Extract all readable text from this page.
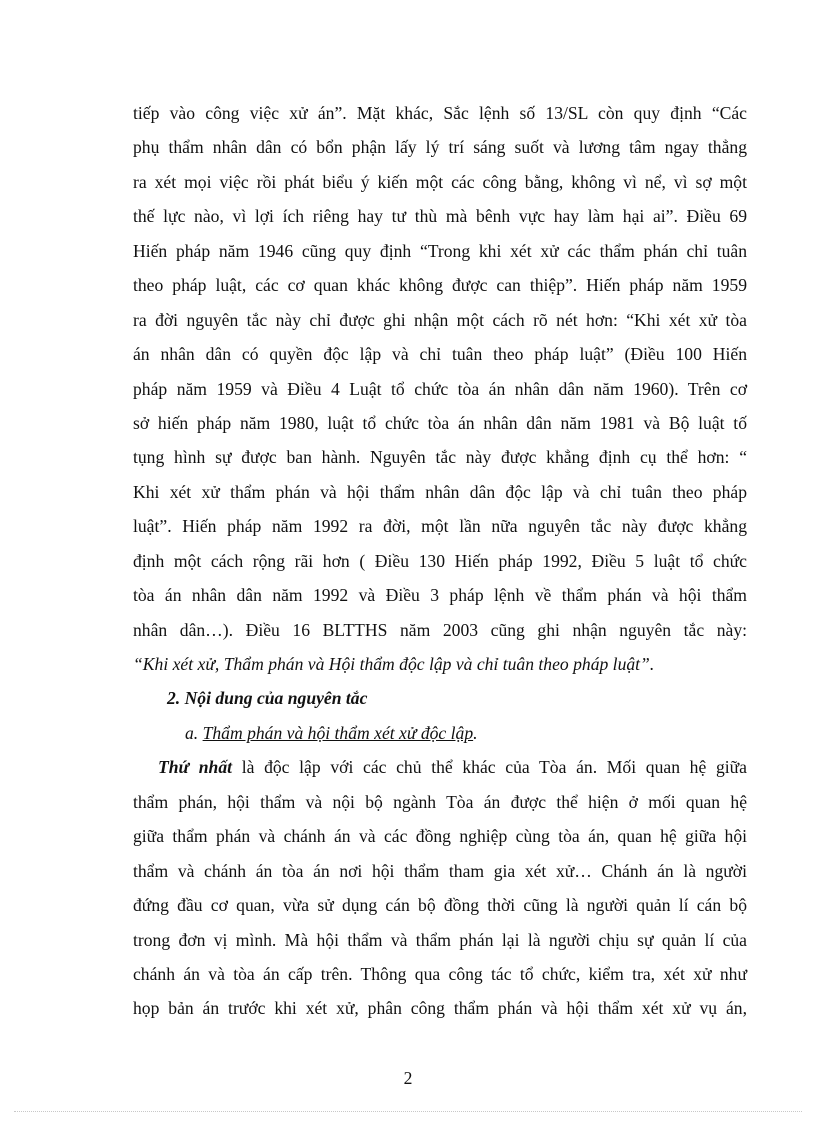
tiếp vào công việc xử án”. Mặt khác, Sắc lệnh số 13/SL còn quy định “Các
phụ thẩm nhân dân có bổn phận lấy lý trí sáng suốt và lương tâm ngay thẳng
ra xét mọi việc rồi phát biểu ý kiến một các công bằng, không vì nể, vì sợ một
thế lực nào, vì lợi ích riêng hay tư thù mà bênh vực hay làm hại ai”. Điều 69
Hiến pháp năm 1946 cũng quy định “Trong khi xét xử các thẩm phán chỉ tuân
theo pháp luật, các cơ quan khác không được can thiệp”. Hiến pháp năm 1959
ra đời nguyên tắc này chỉ được ghi nhận một cách rõ nét hơn: “Khi xét xử tòa
án nhân dân có quyền độc lập và chỉ tuân theo pháp luật” (Điều 100 Hiến
pháp năm 1959 và Điều 4 Luật tổ chức tòa án nhân dân năm 1960). Trên cơ
sở hiến pháp năm 1980, luật tổ chức tòa án nhân dân năm 1981 và Bộ luật tố
tụng hình sự được ban hành. Nguyên tắc này được khẳng định cụ thể hơn: “
Khi xét xử thẩm phán và hội thẩm nhân dân độc lập và chỉ tuân theo pháp
luật”. Hiến pháp năm 1992 ra đời, một lần nữa nguyên tắc này được khẳng
định một cách rộng rãi hơn ( Điều 130 Hiến pháp 1992, Điều 5 luật tổ chức
tòa án nhân dân năm 1992 và Điều 3 pháp lệnh về thẩm phán và hội thẩm
nhân dân…). Điều 16 BLTTHS năm 2003 cũng ghi nhận nguyên tắc này:
“Khi xét xử, Thẩm phán và Hội thẩm độc lập và chỉ tuân theo pháp luật”.
2. Nội dung của nguyên tắc
a. Thẩm phán và hội thẩm xét xử độc lập.
Thứ nhất là độc lập với các chủ thể khác của Tòa án. Mối quan hệ giữa
thẩm phán, hội thẩm và nội bộ ngành Tòa án được thể hiện ở mối quan hệ
giữa thẩm phán và chánh án và các đồng nghiệp cùng tòa án, quan hệ giữa hội
thẩm và chánh án tòa án nơi hội thẩm tham gia xét xử… Chánh án là người
đứng đầu cơ quan, vừa sử dụng cán bộ đồng thời cũng là người quản lí cán bộ
trong đơn vị mình. Mà hội thẩm và thẩm phán lại là người chịu sự quản lí của
chánh án và tòa án cấp trên. Thông qua công tác tổ chức, kiểm tra, xét xử như
họp bản án trước khi xét xử, phân công thẩm phán và hội thẩm xét xử vụ án,
2
